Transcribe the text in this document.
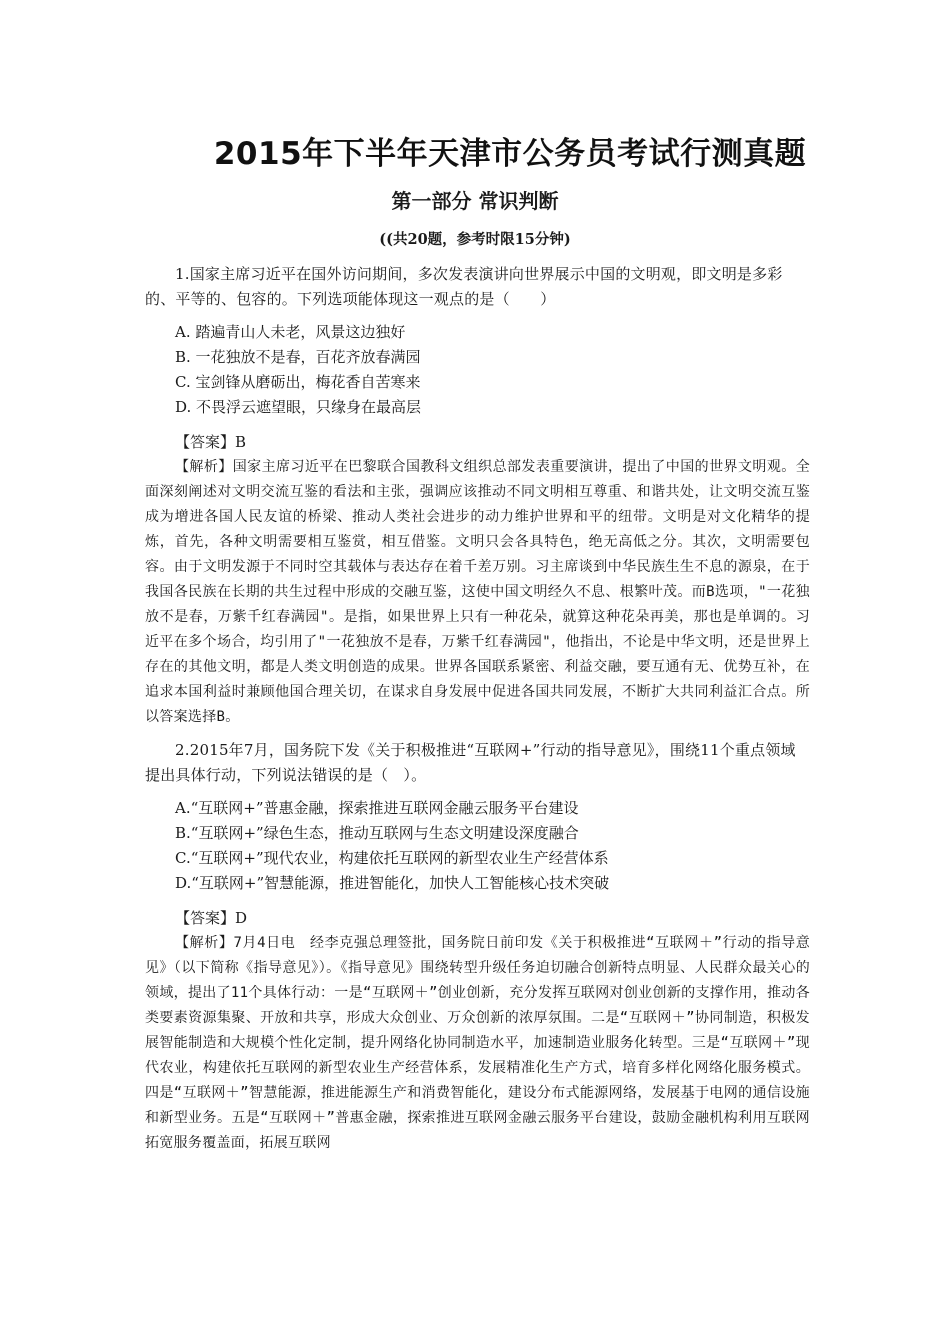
2015年下半年天津市公务员考试行测真题
第一部分 常识判断
((共20题，参考时限15分钟)

1.国家主席习近平在国外访问期间，多次发表演讲向世界展示中国的文明观，即文明是多彩的、平等的、包容的。下列选项能体现这一观点的是（　　）

A. 踏遍青山人未老，风景这边独好
B. 一花独放不是春，百花齐放春满园
C. 宝剑锋从磨砺出，梅花香自苦寒来
D. 不畏浮云遮望眼，只缘身在最高层
【答案】B

【解析】国家主席习近平在巴黎联合国教科文组织总部发表重要演讲，提出了中国的世界文明观。全面深刻阐述对文明交流互鉴的看法和主张，强调应该推动不同文明相互尊重、和谐共处，让文明交流互鉴成为增进各国人民友谊的桥梁、推动人类社会进步的动力维护世界和平的纽带。文明是对文化精华的提炼，首先，各种文明需要相互鉴赏，相互借鉴。文明只会各具特色，绝无高低之分。其次，文明需要包容。由于文明发源于不同时空其载体与表达存在着千差万别。习主席谈到中华民族生生不息的源泉，在于我国各民族在长期的共生过程中形成的交融互鉴，这使中国文明经久不息、根繁叶茂。而B选项，"一花独放不是春，万紫千红春满园"。是指，如果世界上只有一种花朵，就算这种花朵再美，那也是单调的。习近平在多个场合，均引用了"一花独放不是春，万紫千红春满园"，他指出，不论是中华文明，还是世界上存在的其他文明，都是人类文明创造的成果。世界各国联系紧密、利益交融，要互通有无、优势互补，在追求本国利益时兼顾他国合理关切，在谋求自身发展中促进各国共同发展，不断扩大共同利益汇合点。所以答案选择B。

2.2015年7月，国务院下发《关于积极推进“互联网+”行动的指导意见》，围绕11个重点领域提出具体行动，下列说法错误的是（　）。

A.“互联网+”普惠金融，探索推进互联网金融云服务平台建设
B.“互联网+”绿色生态，推动互联网与生态文明建设深度融合
C.“互联网+”现代农业，构建依托互联网的新型农业生产经营体系
D.“互联网+”智慧能源，推进智能化，加快人工智能核心技术突破
【答案】D

【解析】7月4日电　经李克强总理签批，国务院日前印发《关于积极推进“互联网＋”行动的指导意见》（以下简称《指导意见》）。《指导意见》围绕转型升级任务迫切融合创新特点明显、人民群众最关心的领域，提出了11个具体行动：一是“互联网＋”创业创新，充分发挥互联网对创业创新的支撑作用，推动各类要素资源集聚、开放和共享，形成大众创业、万众创新的浓厚氛围。二是“互联网＋”协同制造，积极发展智能制造和大规模个性化定制，提升网络化协同制造水平，加速制造业服务化转型。三是“互联网＋”现代农业，构建依托互联网的新型农业生产经营体系，发展精准化生产方式，培育多样化网络化服务模式。四是“互联网＋”智慧能源，推进能源生产和消费智能化，建设分布式能源网络，发展基于电网的通信设施和新型业务。五是“互联网＋”普惠金融，探索推进互联网金融云服务平台建设，鼓励金融机构利用互联网拓宽服务覆盖面，拓展互联网
